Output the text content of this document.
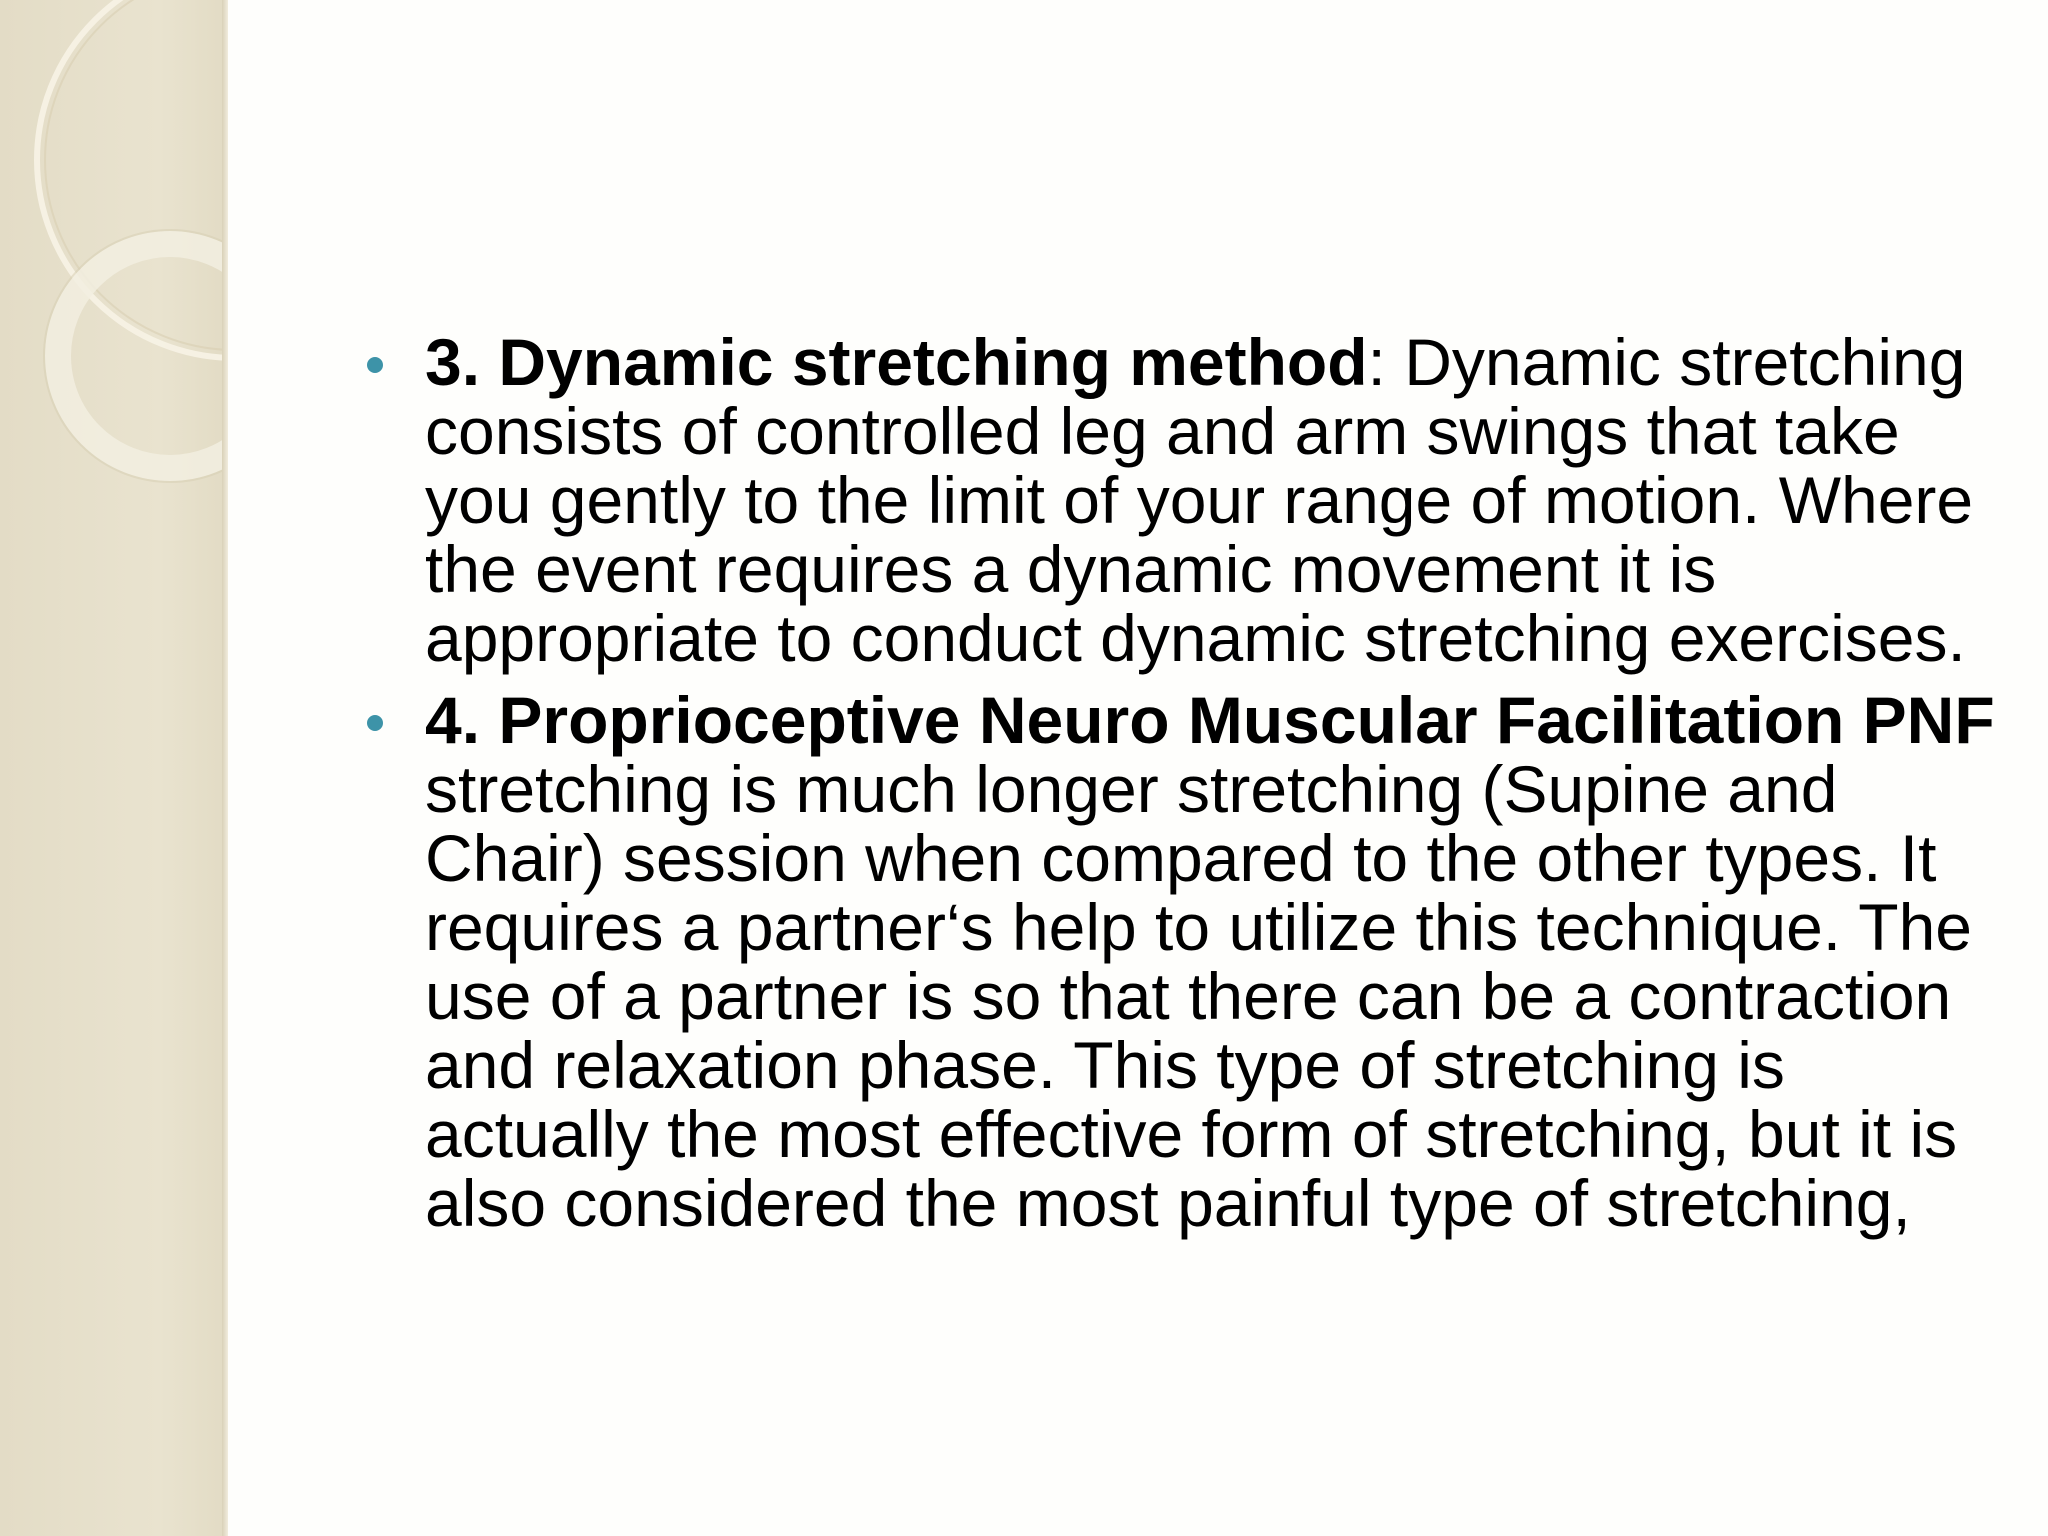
3. Dynamic stretching method: Dynamic stretching consists of controlled leg and arm swings that take you gently to the limit of your range of motion. Where the event requires a dynamic movement it is appropriate to conduct dynamic stretching exercises.
4. Proprioceptive Neuro Muscular Facilitation PNF stretching is much longer stretching (Supine and Chair) session when compared to the other types. It requires a partner‘s help to utilize this technique. The use of a partner is so that there can be a contraction and relaxation phase. This type of stretching is actually the most effective form of stretching, but it is also considered the most painful type of stretching,
